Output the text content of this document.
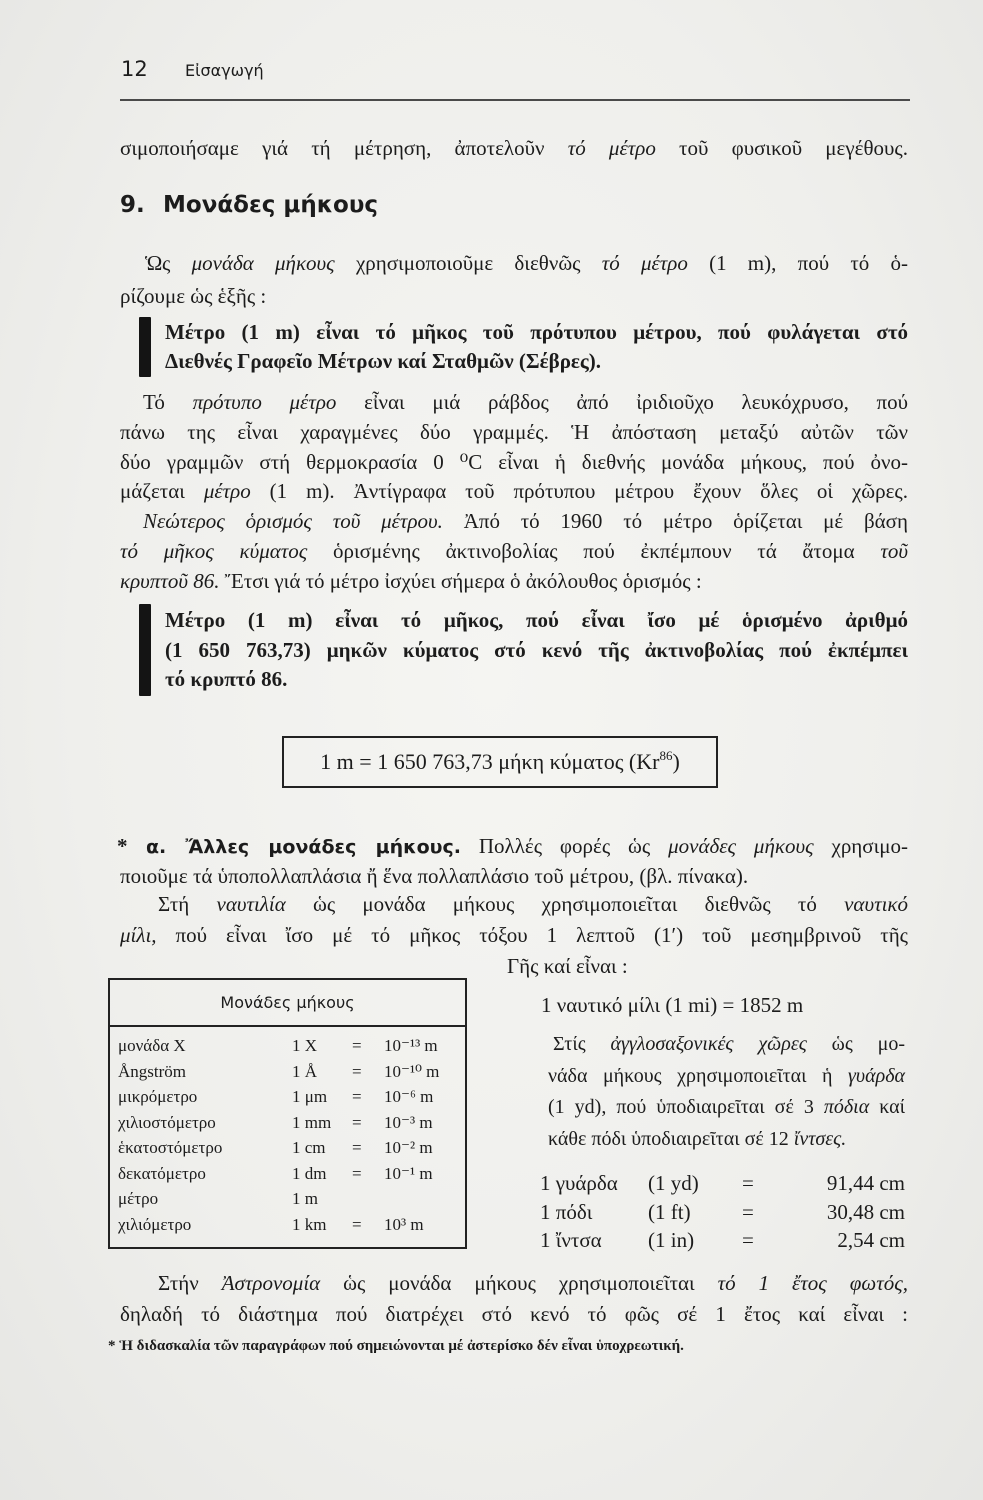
12 Εἰσαγωγή
σιμοποιήσαμε γιά τή μέτρηση, ἀποτελοῦν τό μέτρο τοῦ φυσικοῦ μεγέθους.
9. Μονάδες μήκους
Ὡς μονάδα μήκους χρησιμοποιοῦμε διεθνῶς τό μέτρο (1 m), πού τό ὁ-
ρίζουμε ὡς ἑξῆς :
Μέτρο (1 m) εἶναι τό μῆκος τοῦ πρότυπου μέτρου, πού φυλάγεται στό
Διεθνές Γραφεῖο Μέτρων καί Σταθμῶν (Σέβρες).
Τό πρότυπο μέτρο εἶναι μιά ράβδος ἀπό ἰριδιοῦχο λευκόχρυσο, πού
πάνω της εἶναι χαραγμένες δύο γραμμές. Ἡ ἀπόσταση μεταξύ αὐτῶν τῶν
δύο γραμμῶν στή θερμοκρασία 0 ⁰C εἶναι ἡ διεθνής μονάδα μήκους, πού ὀνο-
μάζεται μέτρο (1 m). Ἀντίγραφα τοῦ πρότυπου μέτρου ἔχουν ὅλες οἱ χῶρες.
Νεώτερος ὁρισμός τοῦ μέτρου. Ἀπό τό 1960 τό μέτρο ὁρίζεται μέ βάση
τό μῆκος κύματος ὁρισμένης ἀκτινοβολίας πού ἐκπέμπουν τά ἄτομα τοῦ
κρυπτοῦ 86. Ἔτσι γιά τό μέτρο ἰσχύει σήμερα ὁ ἀκόλουθος ὁρισμός :
Μέτρο (1 m) εἶναι τό μῆκος, πού εἶναι ἴσο μέ ὁρισμένο ἀριθμό
(1 650 763,73) μηκῶν κύματος στό κενό τῆς ἀκτινοβολίας πού ἐκπέμπει
τό κρυπτό 86.
1 m = 1 650 763,73 μήκη κύματος (Kr$^{86}$)
* α. Ἄλλες μονάδες μήκους. Πολλές φορές ὡς μονάδες μήκους χρησιμο-
ποιοῦμε τά ὑποπολλαπλάσια ἤ ἕνα πολλαπλάσιο τοῦ μέτρου, (βλ. πίνακα).
Στή ναυτιλία ὡς μονάδα μήκους χρησιμοποιεῖται διεθνῶς τό ναυτικό
μίλι, πού εἶναι ἴσο μέ τό μῆκος τόξου 1 λεπτοῦ (1′) τοῦ μεσημβρινοῦ τῆς
Γῆς καί εἶναι :
Μονάδες μήκους
μονάδα X	1 X	=	10⁻¹³ m
Ångström	1 Å	=	10⁻¹⁰ m
μικρόμετρο	1 μm	=	10⁻⁶ m
χιλιοστόμετρο	1 mm	=	10⁻³ m
ἑκατοστόμετρο	1 cm	=	10⁻² m
δεκατόμετρο	1 dm	=	10⁻¹ m
μέτρο	1 m
χιλιόμετρο	1 km	=	10³ m
1 ναυτικό μίλι (1 mi) = 1852 m
Στίς ἀγγλοσαξονικές χῶρες ὡς μο-
νάδα μήκους χρησιμοποιεῖται ἡ γυάρδα
(1 yd), πού ὑποδιαιρεῖται σέ 3 πόδια καί
κάθε πόδι ὑποδιαιρεῖται σέ 12 ἴντσες.
1 γυάρδα	(1 yd)	=	91,44 cm
1 πόδι	(1 ft)	=	30,48 cm
1 ἴντσα	(1 in)	=	2,54 cm
Στήν Ἀστρονομία ὡς μονάδα μήκους χρησιμοποιεῖται τό 1 ἔτος φωτός,
δηλαδή τό διάστημα πού διατρέχει στό κενό τό φῶς σέ 1 ἔτος καί εἶναι :
* Ἡ διδασκαλία τῶν παραγράφων πού σημειώνονται μέ ἀστερίσκο δέν εἶναι ὑποχρεωτική.
